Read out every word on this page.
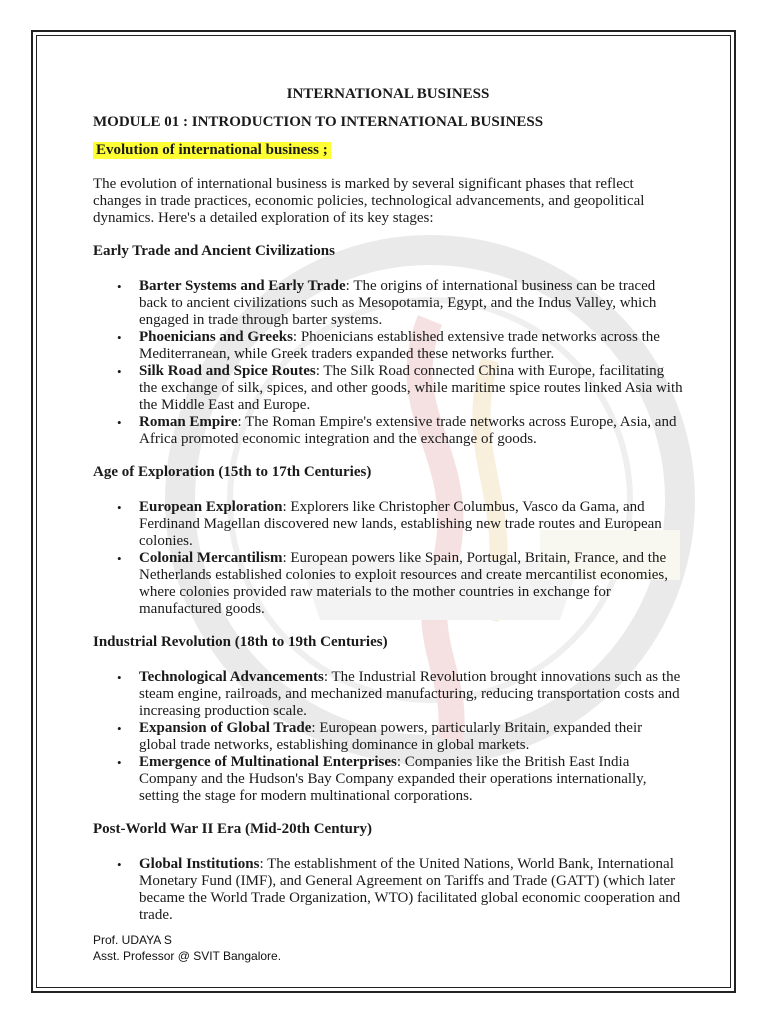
INTERNATIONAL BUSINESS
MODULE 01 : INTRODUCTION TO INTERNATIONAL BUSINESS
Evolution of international business ;
The evolution of international business is marked by several significant phases that reflect changes in trade practices, economic policies, technological advancements, and geopolitical dynamics. Here's a detailed exploration of its key stages:
Early Trade and Ancient Civilizations
• Barter Systems and Early Trade: The origins of international business can be traced back to ancient civilizations such as Mesopotamia, Egypt, and the Indus Valley, which engaged in trade through barter systems.
• Phoenicians and Greeks: Phoenicians established extensive trade networks across the Mediterranean, while Greek traders expanded these networks further.
• Silk Road and Spice Routes: The Silk Road connected China with Europe, facilitating the exchange of silk, spices, and other goods, while maritime spice routes linked Asia with the Middle East and Europe.
• Roman Empire: The Roman Empire's extensive trade networks across Europe, Asia, and Africa promoted economic integration and the exchange of goods.
Age of Exploration (15th to 17th Centuries)
• European Exploration: Explorers like Christopher Columbus, Vasco da Gama, and Ferdinand Magellan discovered new lands, establishing new trade routes and European colonies.
• Colonial Mercantilism: European powers like Spain, Portugal, Britain, France, and the Netherlands established colonies to exploit resources and create mercantilist economies, where colonies provided raw materials to the mother countries in exchange for manufactured goods.
Industrial Revolution (18th to 19th Centuries)
• Technological Advancements: The Industrial Revolution brought innovations such as the steam engine, railroads, and mechanized manufacturing, reducing transportation costs and increasing production scale.
• Expansion of Global Trade: European powers, particularly Britain, expanded their global trade networks, establishing dominance in global markets.
• Emergence of Multinational Enterprises: Companies like the British East India Company and the Hudson's Bay Company expanded their operations internationally, setting the stage for modern multinational corporations.
Post-World War II Era (Mid-20th Century)
• Global Institutions: The establishment of the United Nations, World Bank, International Monetary Fund (IMF), and General Agreement on Tariffs and Trade (GATT) (which later became the World Trade Organization, WTO) facilitated global economic cooperation and trade.
Prof. UDAYA S
Asst. Professor @ SVIT Bangalore.
